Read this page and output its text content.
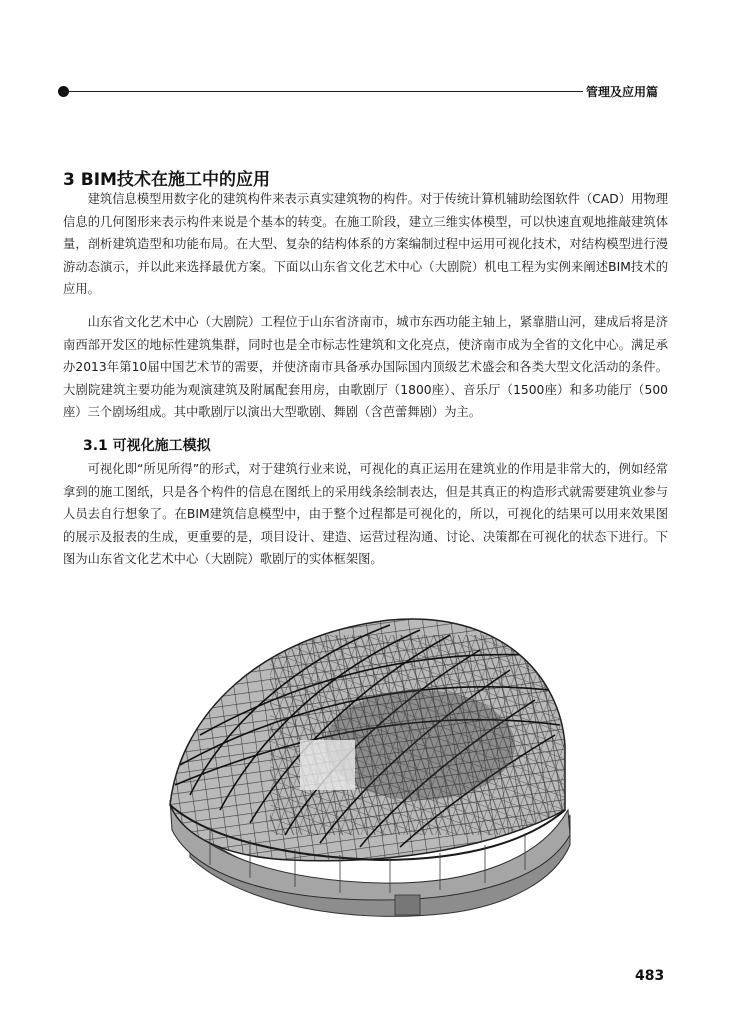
管理及应用篇
3 BIM技术在施工中的应用

建筑信息模型用数字化的建筑构件来表示真实建筑物的构件。对于传统计算机辅助绘图软件（CAD）用物理信息的几何图形来表示构件来说是个基本的转变。在施工阶段，建立三维实体模型，可以快速直观地推敲建筑体量，剖析建筑造型和功能布局。在大型、复杂的结构体系的方案编制过程中运用可视化技术，对结构模型进行漫游动态演示，并以此来选择最优方案。下面以山东省文化艺术中心（大剧院）机电工程为实例来阐述BIM技术的应用。

山东省文化艺术中心（大剧院）工程位于山东省济南市，城市东西功能主轴上，紧靠腊山河，建成后将是济南西部开发区的地标性建筑集群，同时也是全市标志性建筑和文化亮点，使济南市成为全省的文化中心。满足承办2013年第10届中国艺术节的需要，并使济南市具备承办国际国内顶级艺术盛会和各类大型文化活动的条件。大剧院建筑主要功能为观演建筑及附属配套用房，由歌剧厅（1800座）、音乐厅（1500座）和多功能厅（500座）三个剧场组成。其中歌剧厅以演出大型歌剧、舞剧（含芭蕾舞剧）为主。

3.1 可视化施工模拟

可视化即“所见所得”的形式，对于建筑行业来说，可视化的真正运用在建筑业的作用是非常大的，例如经常拿到的施工图纸，只是各个构件的信息在图纸上的采用线条绘制表达，但是其真正的构造形式就需要建筑业参与人员去自行想象了。在BIM建筑信息模型中，由于整个过程都是可视化的，所以，可视化的结果可以用来效果图的展示及报表的生成，更重要的是，项目设计、建造、运营过程沟通、讨论、决策都在可视化的状态下进行。下图为山东省文化艺术中心（大剧院）歌剧厅的实体框架图。

483
